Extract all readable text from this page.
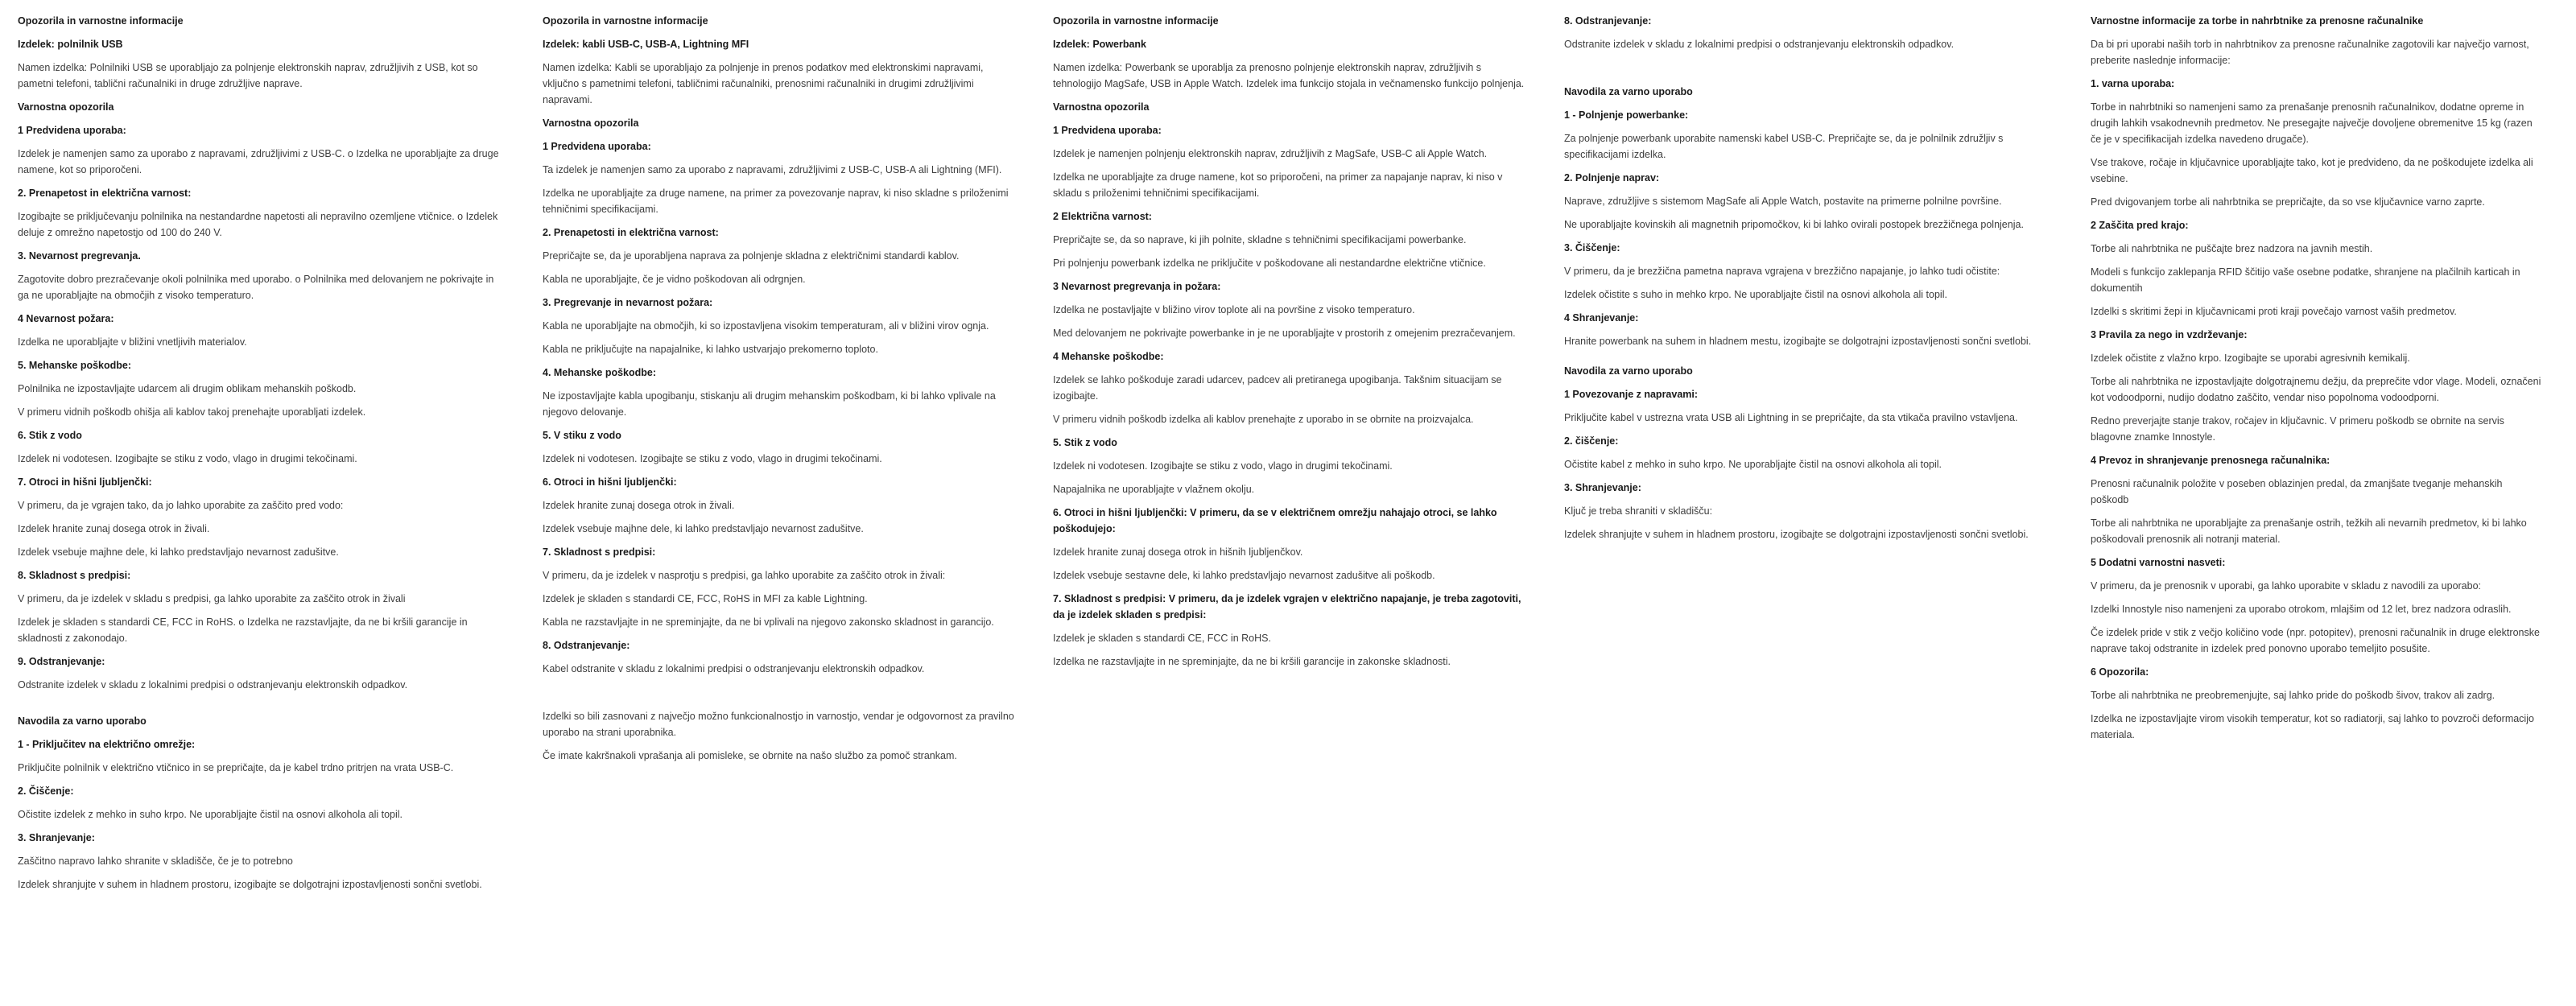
Opozorila in varnostne informacije
Izdelek: polnilnik USB
Namen izdelka: Polnilniki USB se uporabljajo za polnjenje elektronskih naprav, združljivih z USB, kot so pametni telefoni, tablični računalniki in druge združljive naprave.
Varnostna opozorila
1 Predvidena uporaba:
Izdelek je namenjen samo za uporabo z napravami, združljivimi z USB-C. o Izdelka ne uporabljajte za druge namene, kot so priporočeni.
2. Prenapetost in električna varnost:
Izogibajte se priključevanju polnilnika na nestandardne napetosti ali nepravilno ozemljene vtičnice. o Izdelek deluje z omrežno napetostjo od 100 do 240 V.
3. Nevarnost pregrevanja.
Zagotovite dobro prezračevanje okoli polnilnika med uporabo. o Polnilnika med delovanjem ne pokrivajte in ga ne uporabljajte na območjih z visoko temperaturo.
4 Nevarnost požara:
Izdelka ne uporabljajte v bližini vnetljivih materialov.
5. Mehanske poškodbe:
Polnilnika ne izpostavljajte udarcem ali drugim oblikam mehanskih poškodb.
V primeru vidnih poškodb ohišja ali kablov takoj prenehajte uporabljati izdelek.
6. Stik z vodo
Izdelek ni vodotesen. Izogibajte se stiku z vodo, vlago in drugimi tekočinami.
7. Otroci in hišni ljubljenčki:
V primeru, da je vgrajen tako, da jo lahko uporabite za zaščito pred vodo:
Izdelek hranite zunaj dosega otrok in živali.
Izdelek vsebuje majhne dele, ki lahko predstavljajo nevarnost zadušitve.
8. Skladnost s predpisi:
V primeru, da je izdelek v skladu s predpisi, ga lahko uporabite za zaščito otrok in živali
Izdelek je skladen s standardi CE, FCC in RoHS. o Izdelka ne razstavljajte, da ne bi kršili garancije in skladnosti z zakonodajo.
9. Odstranjevanje:
Odstranite izdelek v skladu z lokalnimi predpisi o odstranjevanju elektronskih odpadkov.
Navodila za varno uporabo
1 - Priključitev na električno omrežje:
Priključite polnilnik v električno vtičnico in se prepričajte, da je kabel trdno pritrjen na vrata USB-C.
2. Čiščenje:
Očistite izdelek z mehko in suho krpo. Ne uporabljajte čistil na osnovi alkohola ali topil.
3. Shranjevanje:
Zaščitno napravo lahko shranite v skladišče, če je to potrebno
Izdelek shranjujte v suhem in hladnem prostoru, izogibajte se dolgotrajni izpostavljenosti sončni svetlobi.
Opozorila in varnostne informacije
Izdelek: kabli USB-C, USB-A, Lightning MFI
Namen izdelka: Kabli se uporabljajo za polnjenje in prenos podatkov med elektronskimi napravami, vključno s pametnimi telefoni, tabličnimi računalniki, prenosnimi računalniki in drugimi združljivimi napravami.
Varnostna opozorila
1 Predvidena uporaba:
Ta izdelek je namenjen samo za uporabo z napravami, združljivimi z USB-C, USB-A ali Lightning (MFI).
Izdelka ne uporabljajte za druge namene, na primer za povezovanje naprav, ki niso skladne s priloženimi tehničnimi specifikacijami.
2. Prenapetosti in električna varnost:
Prepričajte se, da je uporabljena naprava za polnjenje skladna z električnimi standardi kablov.
Kabla ne uporabljajte, če je vidno poškodovan ali odrgnjen.
3. Pregrevanje in nevarnost požara:
Kabla ne uporabljajte na območjih, ki so izpostavljena visokim temperaturam, ali v bližini virov ognja.
Kabla ne priključujte na napajalnike, ki lahko ustvarjajo prekomerno toploto.
4. Mehanske poškodbe:
Ne izpostavljajte kabla upogibanju, stiskanju ali drugim mehanskim poškodbam, ki bi lahko vplivale na njegovo delovanje.
5. V stiku z vodo
Izdelek ni vodotesen. Izogibajte se stiku z vodo, vlago in drugimi tekočinami.
6. Otroci in hišni ljubljenčki:
Izdelek hranite zunaj dosega otrok in živali.
Izdelek vsebuje majhne dele, ki lahko predstavljajo nevarnost zadušitve.
7. Skladnost s predpisi:
V primeru, da je izdelek v nasprotju s predpisi, ga lahko uporabite za zaščito otrok in živali:
Izdelek je skladen s standardi CE, FCC, RoHS in MFI za kable Lightning.
Kabla ne razstavljajte in ne spreminjajte, da ne bi vplivali na njegovo zakonsko skladnost in garancijo.
8. Odstranjevanje:
Kabel odstranite v skladu z lokalnimi predpisi o odstranjevanju elektronskih odpadkov.
Izdelki so bili zasnovani z največjo možno funkcionalnostjo in varnostjo, vendar je odgovornost za pravilno uporabo na strani uporabnika.
Če imate kakršnakoli vprašanja ali pomisleke, se obrnite na našo službo za pomoč strankam.
Opozorila in varnostne informacije
Izdelek: Powerbank
Namen izdelka: Powerbank se uporablja za prenosno polnjenje elektronskih naprav, združljivih s tehnologijo MagSafe, USB in Apple Watch. Izdelek ima funkcijo stojala in večnamensko funkcijo polnjenja.
Varnostna opozorila
1 Predvidena uporaba:
Izdelek je namenjen polnjenju elektronskih naprav, združljivih z MagSafe, USB-C ali Apple Watch.
Izdelka ne uporabljajte za druge namene, kot so priporočeni, na primer za napajanje naprav, ki niso v skladu s priloženimi tehničnimi specifikacijami.
2 Električna varnost:
Prepričajte se, da so naprave, ki jih polnite, skladne s tehničnimi specifikacijami powerbanke.
Pri polnjenju powerbank izdelka ne priključite v poškodovane ali nestandardne električne vtičnice.
3 Nevarnost pregrevanja in požara:
Izdelka ne postavljajte v bližino virov toplote ali na površine z visoko temperaturo.
Med delovanjem ne pokrivajte powerbanke in je ne uporabljajte v prostorih z omejenim prezračevanjem.
4 Mehanske poškodbe:
Izdelek se lahko poškoduje zaradi udarcev, padcev ali pretiranega upogibanja. Takšnim situacijam se izogibajte.
V primeru vidnih poškodb izdelka ali kablov prenehajte z uporabo in se obrnite na proizvajalca.
5. Stik z vodo
Izdelek ni vodotesen. Izogibajte se stiku z vodo, vlago in drugimi tekočinami.
Napajalnika ne uporabljajte v vlažnem okolju.
6. Otroci in hišni ljubljenčki: V primeru, da se v električnem omrežju nahajajo otroci, se lahko poškodujejo:
Izdelek hranite zunaj dosega otrok in hišnih ljubljenčkov.
Izdelek vsebuje sestavne dele, ki lahko predstavljajo nevarnost zadušitve ali poškodb.
7. Skladnost s predpisi: V primeru, da je izdelek vgrajen v električno napajanje, je treba zagotoviti, da je izdelek skladen s predpisi:
Izdelek je skladen s standardi CE, FCC in RoHS.
Izdelka ne razstavljajte in ne spreminjajte, da ne bi kršili garancije in zakonske skladnosti.
8. Odstranjevanje:
Odstranite izdelek v skladu z lokalnimi predpisi o odstranjevanju elektronskih odpadkov.
Navodila za varno uporabo
1 - Polnjenje powerbanke:
Za polnjenje powerbank uporabite namenski kabel USB-C. Prepričajte se, da je polnilnik združljiv s specifikacijami izdelka.
2. Polnjenje naprav:
Naprave, združljive s sistemom MagSafe ali Apple Watch, postavite na primerne polnilne površine.
Ne uporabljajte kovinskih ali magnetnih pripomočkov, ki bi lahko ovirali postopek brezžičnega polnjenja.
3. Čiščenje:
V primeru, da je brezžična pametna naprava vgrajena v brezžično napajanje, jo lahko tudi očistite:
Izdelek očistite s suho in mehko krpo. Ne uporabljajte čistil na osnovi alkohola ali topil.
4 Shranjevanje:
Hranite powerbank na suhem in hladnem mestu, izogibajte se dolgotrajni izpostavljenosti sončni svetlobi.
Navodila za varno uporabo
1 Povezovanje z napravami:
Priključite kabel v ustrezna vrata USB ali Lightning in se prepričajte, da sta vtikača pravilno vstavljena.
2. čiščenje:
Očistite kabel z mehko in suho krpo. Ne uporabljajte čistil na osnovi alkohola ali topil.
3. Shranjevanje:
Ključ je treba shraniti v skladišču:
Izdelek shranjujte v suhem in hladnem prostoru, izogibajte se dolgotrajni izpostavljenosti sončni svetlobi.
Varnostne informacije za torbe in nahrbtnike za prenosne računalnike
Da bi pri uporabi naših torb in nahrbtnikov za prenosne računalnike zagotovili kar največjo varnost, preberite naslednje informacije:
1. varna uporaba:
Torbe in nahrbtniki so namenjeni samo za prenašanje prenosnih računalnikov, dodatne opreme in drugih lahkih vsakodnevnih predmetov. Ne presegajte največje dovoljene obremenitve 15 kg (razen če je v specifikacijah izdelka navedeno drugače).
Vse trakove, ročaje in ključavnice uporabljajte tako, kot je predvideno, da ne poškodujete izdelka ali vsebine.
Pred dvigovanjem torbe ali nahrbtnika se prepričajte, da so vse ključavnice varno zaprte.
2 Zaščita pred krajo:
Torbe ali nahrbtnika ne puščajte brez nadzora na javnih mestih.
Modeli s funkcijo zaklepanja RFID ščitijo vaše osebne podatke, shranjene na plačilnih karticah in dokumentih
Izdelki s skritimi žepi in ključavnicami proti kraji povečajo varnost vaših predmetov.
3 Pravila za nego in vzdrževanje:
Izdelek očistite z vlažno krpo. Izogibajte se uporabi agresivnih kemikalij.
Torbe ali nahrbtnika ne izpostavljajte dolgotrajnemu dežju, da preprečite vdor vlage. Modeli, označeni kot vodoodporni, nudijo dodatno zaščito, vendar niso popolnoma vodoodporni.
Redno preverjajte stanje trakov, ročajev in ključavnic. V primeru poškodb se obrnite na servis blagovne znamke Innostyle.
4 Prevoz in shranjevanje prenosnega računalnika:
Prenosni računalnik položite v poseben oblazinjen predal, da zmanjšate tveganje mehanskih poškodb
Torbe ali nahrbtnika ne uporabljajte za prenašanje ostrih, težkih ali nevarnih predmetov, ki bi lahko poškodovali prenosnik ali notranji material.
5 Dodatni varnostni nasveti:
V primeru, da je prenosnik v uporabi, ga lahko uporabite v skladu z navodili za uporabo:
Izdelki Innostyle niso namenjeni za uporabo otrokom, mlajšim od 12 let, brez nadzora odraslih.
Če izdelek pride v stik z večjo količino vode (npr. potopitev), prenosni računalnik in druge elektronske naprave takoj odstranite in izdelek pred ponovno uporabo temeljito posušite.
6 Opozorila:
Torbe ali nahrbtnika ne preobremenjujte, saj lahko pride do poškodb šivov, trakov ali zadrg.
Izdelka ne izpostavljajte virom visokih temperatur, kot so radiatorji, saj lahko to povzroči deformacijo materiala.
